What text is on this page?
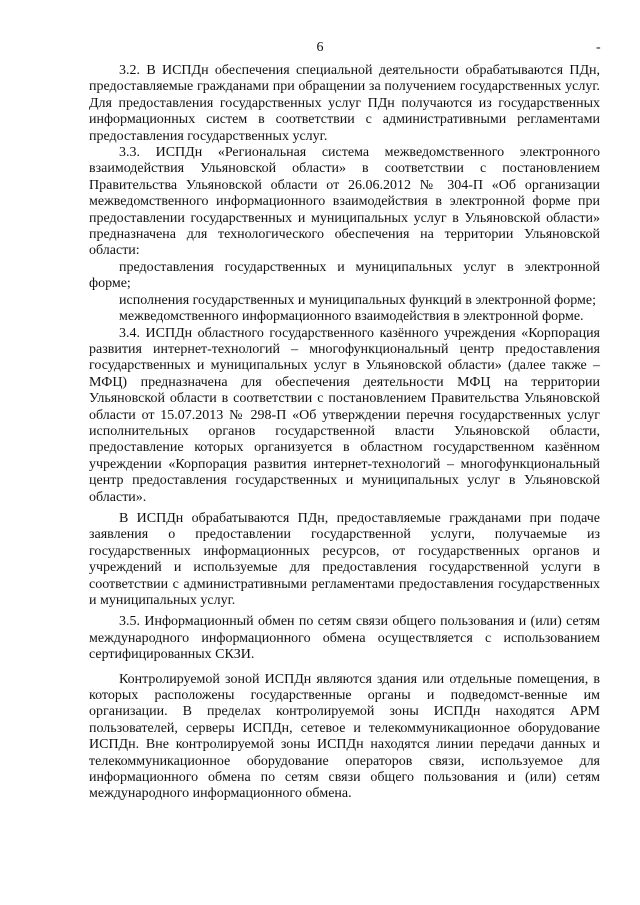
6	-

3.2. В ИСПДн обеспечения специальной деятельности обрабатываются ПДн, предоставляемые гражданами при обращении за получением государственных услуг. Для предоставления государственных услуг ПДн получаются из государственных информационных систем в соответствии с административными регламентами предоставления государственных услуг.

3.3. ИСПДн «Региональная система межведомственного электронного взаимодействия Ульяновской области» в соответствии с постановлением Правительства Ульяновской области от 26.06.2012 № 304-П «Об организации межведомственного информационного взаимодействия в электронной форме при предоставлении государственных и муниципальных услуг в Ульяновской области» предназначена для технологического обеспечения на территории Ульяновской области:

предоставления государственных и муниципальных услуг в электронной форме;

исполнения государственных и муниципальных функций в электронной форме;

межведомственного информационного взаимодействия в электронной форме.

3.4. ИСПДн областного государственного казённого учреждения «Корпорация развития интернет-технологий – многофункциональный центр предоставления государственных и муниципальных услуг в Ульяновской области» (далее также – МФЦ) предназначена для обеспечения деятельности МФЦ на территории Ульяновской области в соответствии с постановлением Правительства Ульяновской области от 15.07.2013 № 298-П «Об утверждении перечня государственных услуг исполнительных органов государственной власти Ульяновской области, предоставление которых организуется в областном государственном казённом учреждении «Корпорация развития интернет-технологий – многофункциональный центр предоставления государственных и муниципальных услуг в Ульяновской области».

В ИСПДн обрабатываются ПДн, предоставляемые гражданами при подаче заявления о предоставлении государственной услуги, получаемые из государственных информационных ресурсов, от государственных органов и учреждений и используемые для предоставления государственной услуги в соответствии с административными регламентами предоставления государственных и муниципальных услуг.

3.5. Информационный обмен по сетям связи общего пользования и (или) сетям международного информационного обмена осуществляется с использованием сертифицированных СКЗИ.

Контролируемой зоной ИСПДн являются здания или отдельные помещения, в которых расположены государственные органы и подведомст-венные им организации. В пределах контролируемой зоны ИСПДн находятся АРМ пользователей, серверы ИСПДн, сетевое и телекоммуникационное оборудование ИСПДн. Вне контролируемой зоны ИСПДн находятся линии передачи данных и телекоммуникационное оборудование операторов связи, используемое для информационного обмена по сетям связи общего пользования и (или) сетям международного информационного обмена.
